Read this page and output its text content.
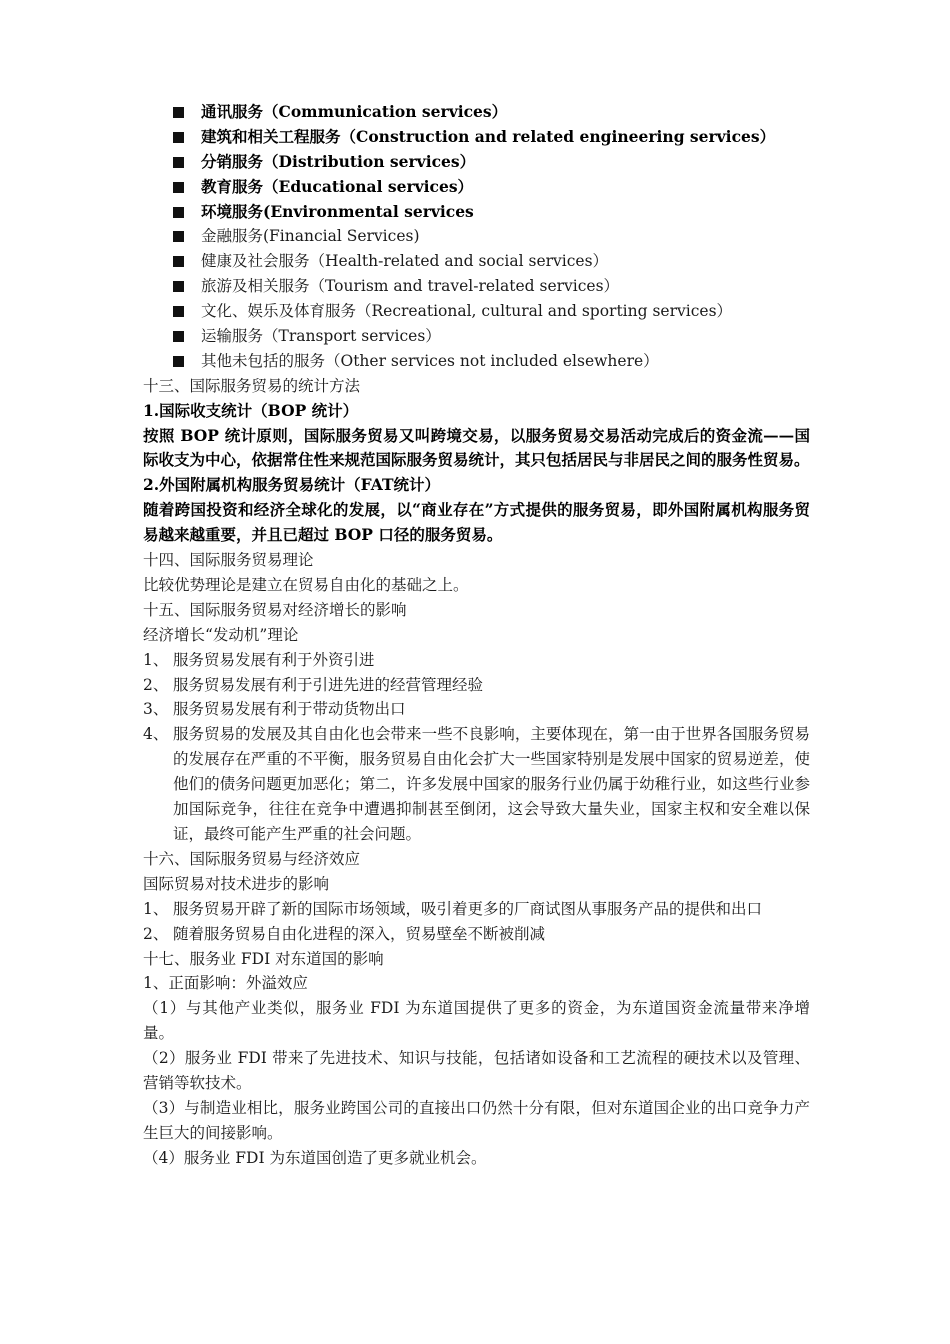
通讯服务（Communication services）
建筑和相关工程服务（Construction and related engineering services）
分销服务（Distribution services）
教育服务（Educational services）
环境服务(Environmental services
金融服务(Financial Services)
健康及社会服务（Health-related and social services）
旅游及相关服务（Tourism and travel-related services）
文化、娱乐及体育服务（Recreational, cultural and sporting services）
运输服务（Transport services）
其他未包括的服务（Other services not included elsewhere）
十三、国际服务贸易的统计方法
1.国际收支统计（BOP 统计）
按照 BOP 统计原则，国际服务贸易又叫跨境交易，以服务贸易交易活动完成后的资金流——国际收支为中心，依据常住性来规范国际服务贸易统计，其只包括居民与非居民之间的服务性贸易。
2.外国附属机构服务贸易统计（FAT统计）
随着跨国投资和经济全球化的发展，以“商业存在”方式提供的服务贸易，即外国附属机构服务贸易越来越重要，并且已超过 BOP 口径的服务贸易。
十四、国际服务贸易理论
比较优势理论是建立在贸易自由化的基础之上。
十五、国际服务贸易对经济增长的影响
经济增长“发动机”理论
1、 服务贸易发展有利于外资引进
2、 服务贸易发展有利于引进先进的经营管理经验
3、 服务贸易发展有利于带动货物出口
4、 服务贸易的发展及其自由化也会带来一些不良影响，主要体现在，第一由于世界各国服务贸易的发展存在严重的不平衡，服务贸易自由化会扩大一些国家特别是发展中国家的贸易逆差，使他们的债务问题更加恶化；第二，许多发展中国家的服务行业仍属于幼稚行业，如这些行业参加国际竞争，往往在竞争中遭遇抑制甚至倒闭，这会导致大量失业，国家主权和安全难以保证，最终可能产生严重的社会问题。
十六、国际服务贸易与经济效应
国际贸易对技术进步的影响
1、 服务贸易开辟了新的国际市场领域，吸引着更多的厂商试图从事服务产品的提供和出口
2、 随着服务贸易自由化进程的深入，贸易壁垒不断被削减
十七、服务业 FDI 对东道国的影响
1、正面影响：外溢效应
（1）与其他产业类似，服务业 FDI 为东道国提供了更多的资金，为东道国资金流量带来净增量。
（2）服务业 FDI 带来了先进技术、知识与技能，包括诸如设备和工艺流程的硬技术以及管理、营销等软技术。
（3）与制造业相比，服务业跨国公司的直接出口仍然十分有限，但对东道国企业的出口竞争力产生巨大的间接影响。
（4）服务业 FDI 为东道国创造了更多就业机会。
